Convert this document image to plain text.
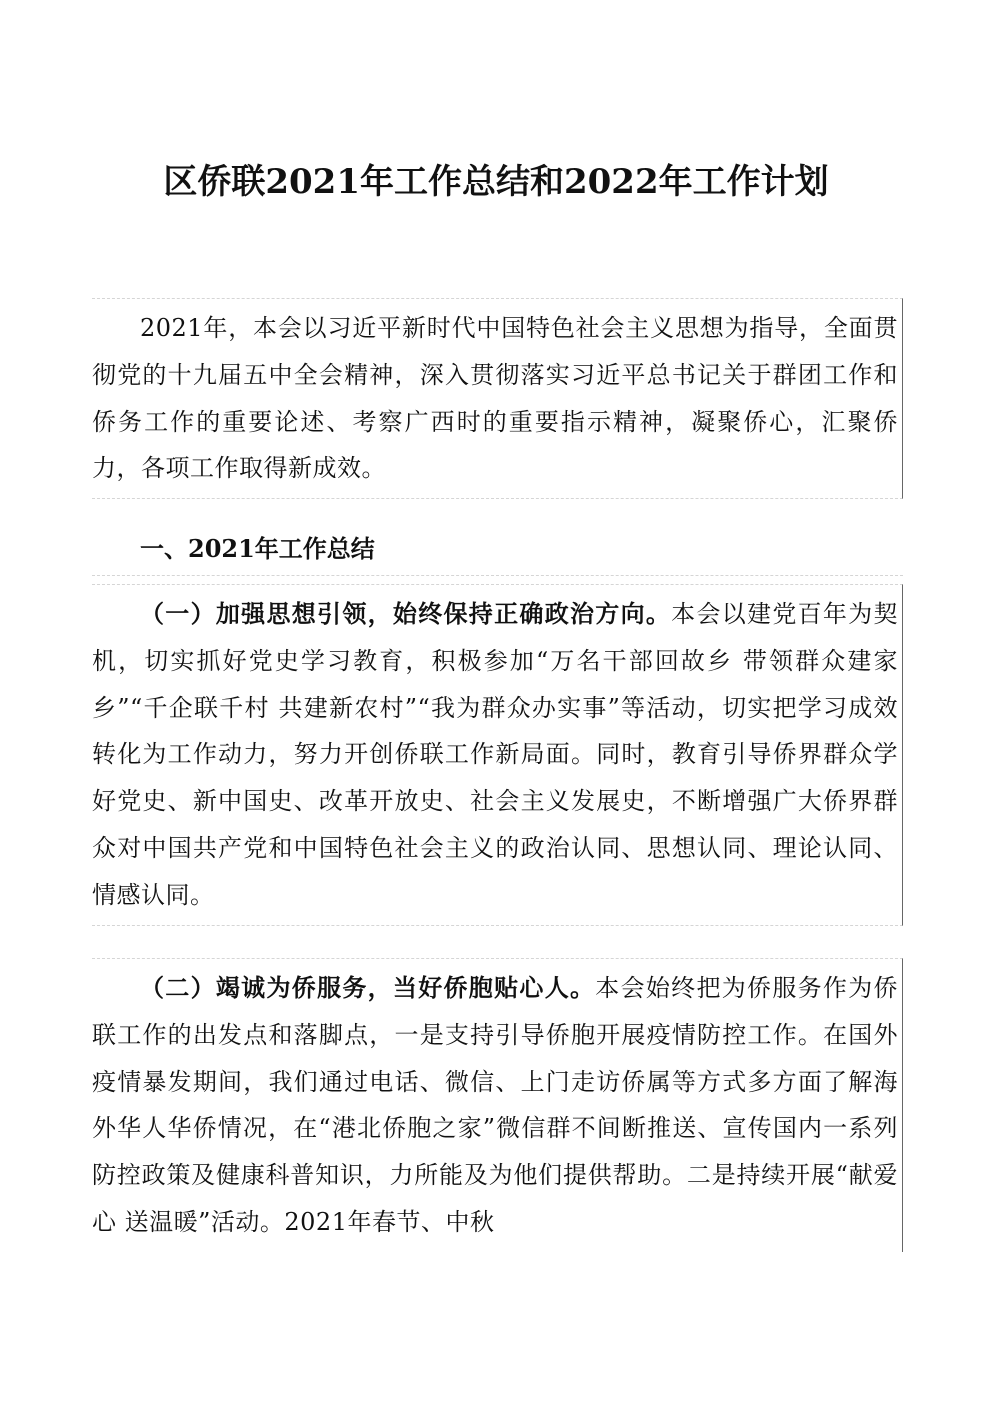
区侨联2021年工作总结和2022年工作计划
2021年，本会以习近平新时代中国特色社会主义思想为指导，全面贯彻党的十九届五中全会精神，深入贯彻落实习近平总书记关于群团工作和侨务工作的重要论述、考察广西时的重要指示精神，凝聚侨心，汇聚侨力，各项工作取得新成效。
一、2021年工作总结
（一）加强思想引领，始终保持正确政治方向。本会以建党百年为契机，切实抓好党史学习教育，积极参加“万名干部回故乡 带领群众建家乡”“千企联千村 共建新农村”“我为群众办实事”等活动，切实把学习成效转化为工作动力，努力开创侨联工作新局面。同时，教育引导侨界群众学好党史、新中国史、改革开放史、社会主义发展史，不断增强广大侨界群众对中国共产党和中国特色社会主义的政治认同、思想认同、理论认同、情感认同。
（二）竭诚为侨服务，当好侨胞贴心人。本会始终把为侨服务作为侨联工作的出发点和落脚点，一是支持引导侨胞开展疫情防控工作。在国外疫情暴发期间，我们通过电话、微信、上门走访侨属等方式多方面了解海外华人华侨情况，在“港北侨胞之家”微信群不间断推送、宣传国内一系列防控政策及健康科普知识，力所能及为他们提供帮助。二是持续开展“献爱心 送温暖”活动。2021年春节、中秋
